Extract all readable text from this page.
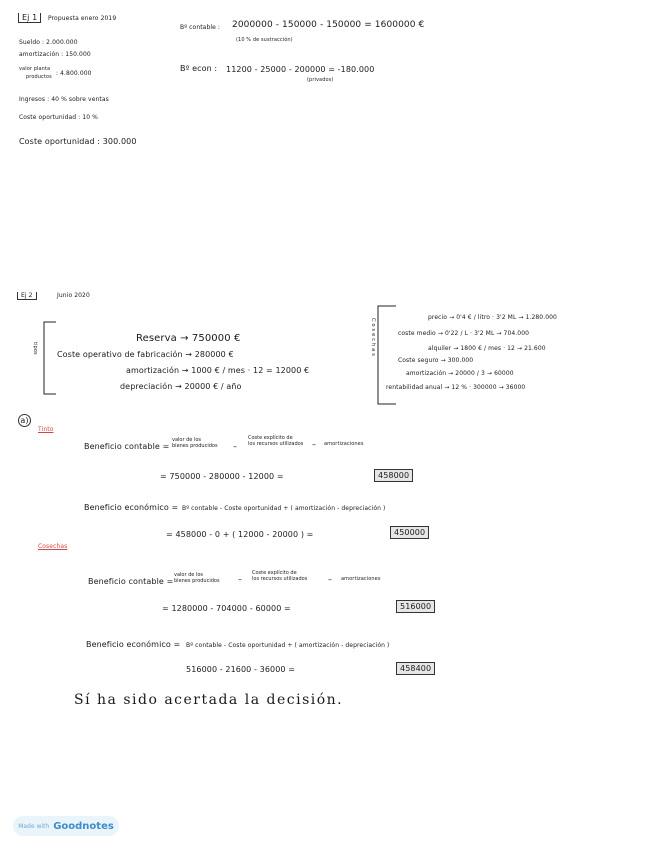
Ej 1	Propuesta enero 2019
Sueldo : 2.000.000
amortización : 150.000
valor planta
productos : 4.800.000
Ingresos : 40 % sobre ventas
Coste oportunidad : 10 %
Coste oportunidad : 300.000
Bº contable : 2000000 - 150000 - 150000 = 1600000 €
(10 % de sustracción)
Bº econ : 11200 - 25000 - 200000 = -180.000
(privados)
Ej 2	Junio 2020
tipos
Reserva → 750000 €
Coste operativo de fabricación → 280000 €
amortización → 1000 € / mes · 12 = 12000 €
depreciación → 20000 € / año
Cosechas
precio → 0'4 € / litro · 3'2 ML → 1.280.000
coste medio → 0'22 / L · 3'2 ML → 704.000
alquiler → 1800 € / mes · 12 → 21.600
Coste seguro → 300.000
amortización → 20000 / 3 → 60000
rentabilidad anual → 12 % · 300000 → 36000
a)
Tinto
Beneficio contable =
valor de los
bienes producidos –
Coste explícito de
los recursos utilizados – amortizaciones
= 750000 - 280000 - 12000 =	458000
Beneficio económico = Bº contable - Coste oportunidad + ( amortización - depreciación )
= 458000 - 0 + ( 12000 - 20000 ) =	450000
Cosechas
Beneficio contable =
valor de los
bienes producidos –
Coste explícito de
los recursos utilizados	– amortizaciones
= 1280000 - 704000 - 60000 =	516000
Beneficio económico = Bº contable - Coste oportunidad + ( amortización - depreciación )
516000 - 21600 - 36000 =	458400
Sí ha sido acertada la decisión.
Made with Goodnotes
